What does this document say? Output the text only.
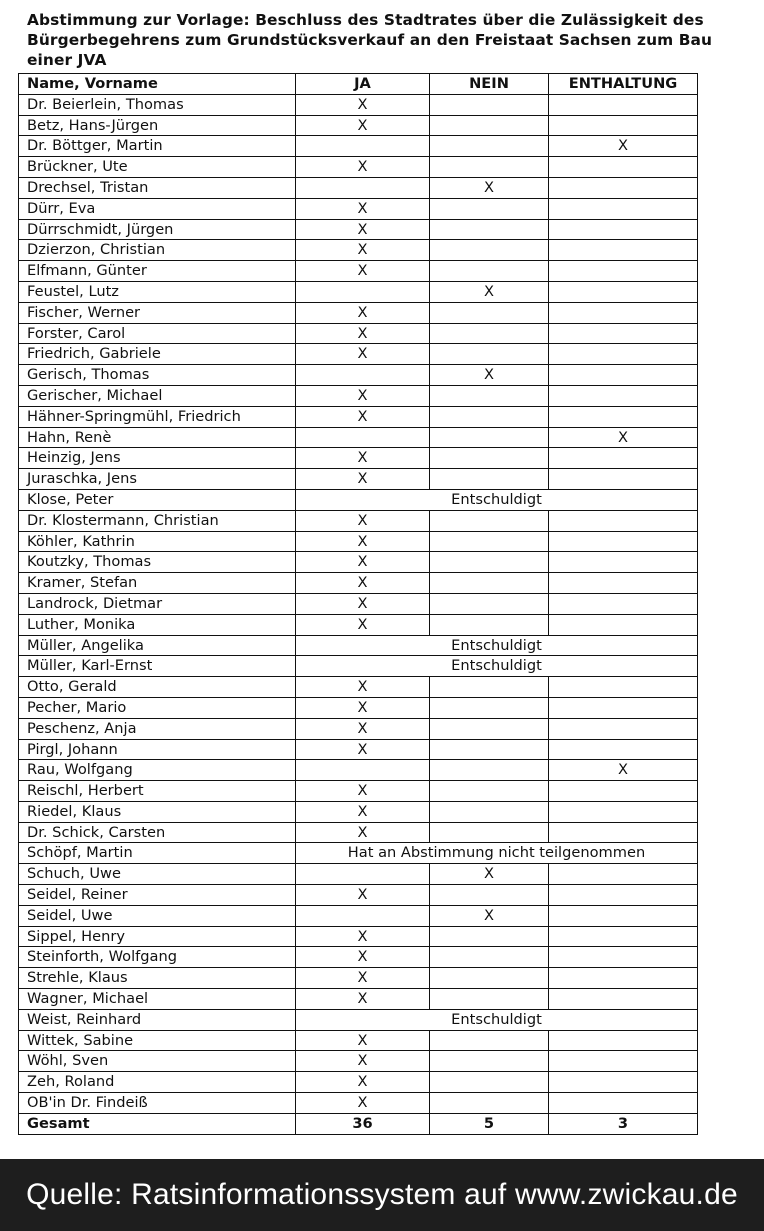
Abstimmung zur Vorlage: Beschluss des Stadtrates über die Zulässigkeit des Bürgerbegehrens zum Grundstücksverkauf an den Freistaat Sachsen zum Bau einer JVA
Name, Vorname	JA	NEIN	ENTHALTUNG
Dr. Beierlein, Thomas	X		
Betz, Hans-Jürgen	X		
Dr. Böttger, Martin			X
Brückner, Ute	X		
Drechsel, Tristan		X	
Dürr, Eva	X		
Dürrschmidt, Jürgen	X		
Dzierzon, Christian	X		
Elfmann, Günter	X		
Feustel, Lutz		X	
Fischer, Werner	X		
Forster, Carol	X		
Friedrich, Gabriele	X		
Gerisch, Thomas		X	
Gerischer, Michael	X		
Hähner-Springmühl, Friedrich	X		
Hahn, Renè			X
Heinzig, Jens	X		
Juraschka, Jens	X		
Klose, Peter	Entschuldigt		
Dr. Klostermann, Christian	X		
Köhler, Kathrin	X		
Koutzky, Thomas	X		
Kramer, Stefan	X		
Landrock, Dietmar	X		
Luther, Monika	X		
Müller, Angelika	Entschuldigt		
Müller, Karl-Ernst	Entschuldigt		
Otto, Gerald	X		
Pecher, Mario	X		
Peschenz, Anja	X		
Pirgl, Johann	X		
Rau, Wolfgang			X
Reischl, Herbert	X		
Riedel, Klaus	X		
Dr. Schick, Carsten	X		
Schöpf, Martin	Hat an Abstimmung nicht teilgenommen		
Schuch, Uwe		X	
Seidel, Reiner	X		
Seidel, Uwe		X	
Sippel, Henry	X		
Steinforth, Wolfgang	X		
Strehle, Klaus	X		
Wagner, Michael	X		
Weist, Reinhard	Entschuldigt		
Wittek, Sabine	X		
Wöhl, Sven	X		
Zeh, Roland	X		
OB'in Dr. Findeiß	X		
Gesamt	36	5	3
Quelle: Ratsinformationssystem auf www.zwickau.de
